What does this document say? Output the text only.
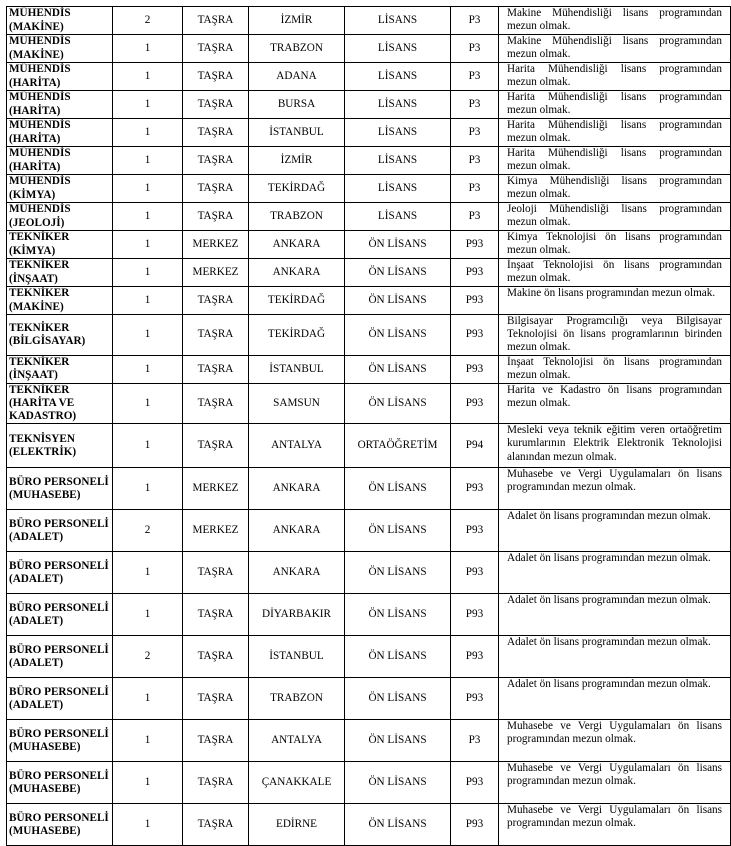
MÜHENDİS (MAKİNE)	2	TAŞRA	İZMİR	LİSANS	P3	Makine Mühendisliği lisans programından mezun olmak.

MÜHENDİS (MAKİNE)	1	TAŞRA	TRABZON	LİSANS	P3	Makine Mühendisliği lisans programından mezun olmak.

MÜHENDİS (HARİTA)	1	TAŞRA	ADANA	LİSANS	P3	Harita Mühendisliği lisans programından mezun olmak.

MÜHENDİS (HARİTA)	1	TAŞRA	BURSA	LİSANS	P3	Harita Mühendisliği lisans programından mezun olmak.

MÜHENDİS (HARİTA)	1	TAŞRA	İSTANBUL	LİSANS	P3	Harita Mühendisliği lisans programından mezun olmak.

MÜHENDİS (HARİTA)	1	TAŞRA	İZMİR	LİSANS	P3	Harita Mühendisliği lisans programından mezun olmak.

MÜHENDİS (KİMYA)	1	TAŞRA	TEKİRDAĞ	LİSANS	P3	Kimya Mühendisliği lisans programından mezun olmak.

MÜHENDİS (JEOLOJİ)	1	TAŞRA	TRABZON	LİSANS	P3	Jeoloji Mühendisliği lisans programından mezun olmak.

TEKNİKER (KİMYA)	1	MERKEZ	ANKARA	ÖN LİSANS	P93	Kimya Teknolojisi ön lisans programından mezun olmak.

TEKNİKER (İNŞAAT)	1	MERKEZ	ANKARA	ÖN LİSANS	P93	İnşaat Teknolojisi ön lisans programından mezun olmak.

TEKNİKER (MAKİNE)	1	TAŞRA	TEKİRDAĞ	ÖN LİSANS	P93	Makine ön lisans programından mezun olmak.

TEKNİKER (BİLGİSAYAR)	1	TAŞRA	TEKİRDAĞ	ÖN LİSANS	P93	Bilgisayar Programcılığı veya Bilgisayar Teknolojisi ön lisans programlarının birinden mezun olmak.

TEKNİKER (İNŞAAT)	1	TAŞRA	İSTANBUL	ÖN LİSANS	P93	İnşaat Teknolojisi ön lisans programından mezun olmak.

TEKNİKER (HARİTA VE KADASTRO)	1	TAŞRA	SAMSUN	ÖN LİSANS	P93	Harita ve Kadastro ön lisans programından mezun olmak.

TEKNİSYEN (ELEKTRİK)	1	TAŞRA	ANTALYA	ORTAÖĞRETİM	P94	Mesleki veya teknik eğitim veren ortaöğretim kurumlarının Elektrik Elektronik Teknolojisi alanından mezun olmak.

BÜRO PERSONELİ (MUHASEBE)	1	MERKEZ	ANKARA	ÖN LİSANS	P93	Muhasebe ve Vergi Uygulamaları ön lisans programından mezun olmak.

BÜRO PERSONELİ (ADALET)	2	MERKEZ	ANKARA	ÖN LİSANS	P93	Adalet ön lisans programından mezun olmak.

BÜRO PERSONELİ (ADALET)	1	TAŞRA	ANKARA	ÖN LİSANS	P93	Adalet ön lisans programından mezun olmak.

BÜRO PERSONELİ (ADALET)	1	TAŞRA	DİYARBAKIR	ÖN LİSANS	P93	Adalet ön lisans programından mezun olmak.

BÜRO PERSONELİ (ADALET)	2	TAŞRA	İSTANBUL	ÖN LİSANS	P93	Adalet ön lisans programından mezun olmak.

BÜRO PERSONELİ (ADALET)	1	TAŞRA	TRABZON	ÖN LİSANS	P93	Adalet ön lisans programından mezun olmak.

BÜRO PERSONELİ (MUHASEBE)	1	TAŞRA	ANTALYA	ÖN LİSANS	P3	Muhasebe ve Vergi Uygulamaları ön lisans programından mezun olmak.

BÜRO PERSONELİ (MUHASEBE)	1	TAŞRA	ÇANAKKALE	ÖN LİSANS	P93	Muhasebe ve Vergi Uygulamaları ön lisans programından mezun olmak.

BÜRO PERSONELİ (MUHASEBE)	1	TAŞRA	EDİRNE	ÖN LİSANS	P93	Muhasebe ve Vergi Uygulamaları ön lisans programından mezun olmak.
